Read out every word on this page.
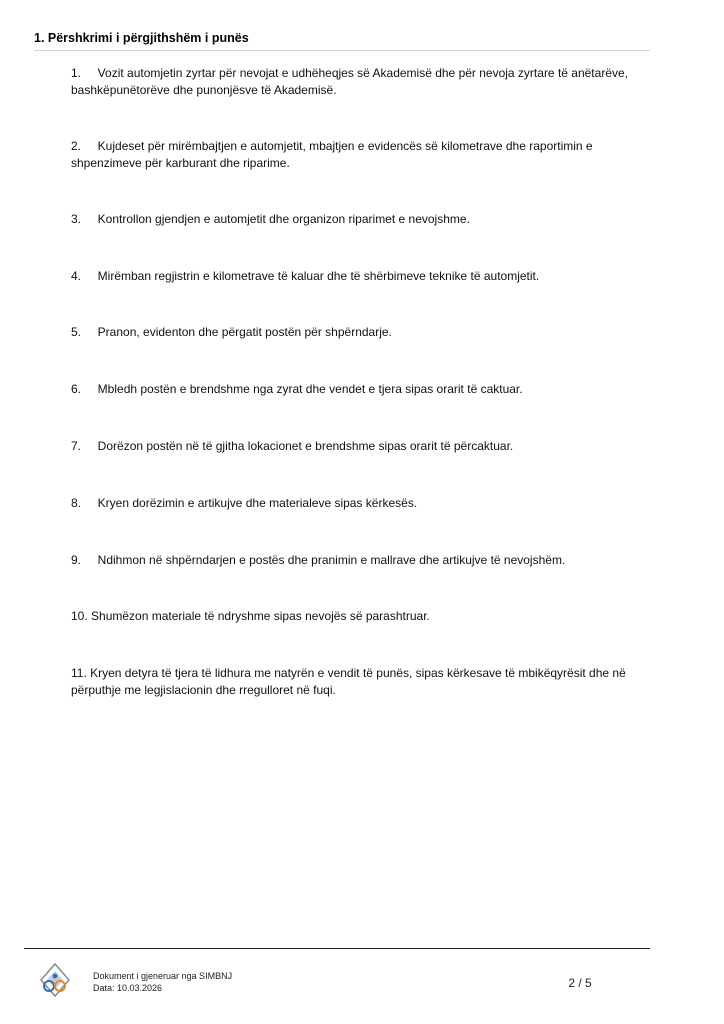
1. Përshkrimi i përgjithshëm i punës
1.     Vozit automjetin zyrtar për nevojat e udhëheqjes së Akademisë dhe për nevoja zyrtare të anëtarëve, bashkëpunëtorëve dhe punonjësve të Akademisë.
2.     Kujdeset për mirëmbajtjen e automjetit, mbajtjen e evidencës së kilometrave dhe raportimin e shpenzimeve për karburant dhe riparime.
3.     Kontrollon gjendjen e automjetit dhe organizon riparimet e nevojshme.
4.     Mirëmban regjistrin e kilometrave të kaluar dhe të shërbimeve teknike të automjetit.
5.     Pranon, evidenton dhe përgatit postën për shpërndarje.
6.     Mbledh postën e brendshme nga zyrat dhe vendet e tjera sipas orarit të caktuar.
7.     Dorëzon postën në të gjitha lokacionet e brendshme sipas orarit të përcaktuar.
8.     Kryen dorëzimin e artikujve dhe materialeve sipas kërkesës.
9.     Ndihmon në shpërndarjen e postës dhe pranimin e mallrave dhe artikujve të nevojshëm.
10. Shumëzon materiale të ndryshme sipas nevojës së parashtruar.
11. Kryen detyra të tjera të lidhura me natyrën e vendit të punës, sipas kërkesave të mbikëqyrësit dhe në përputhje me legjislacionin dhe rregulloret në fuqi.
Dokument i gjeneruar nga SIMBNJ
Data: 10.03.2026	2 / 5
